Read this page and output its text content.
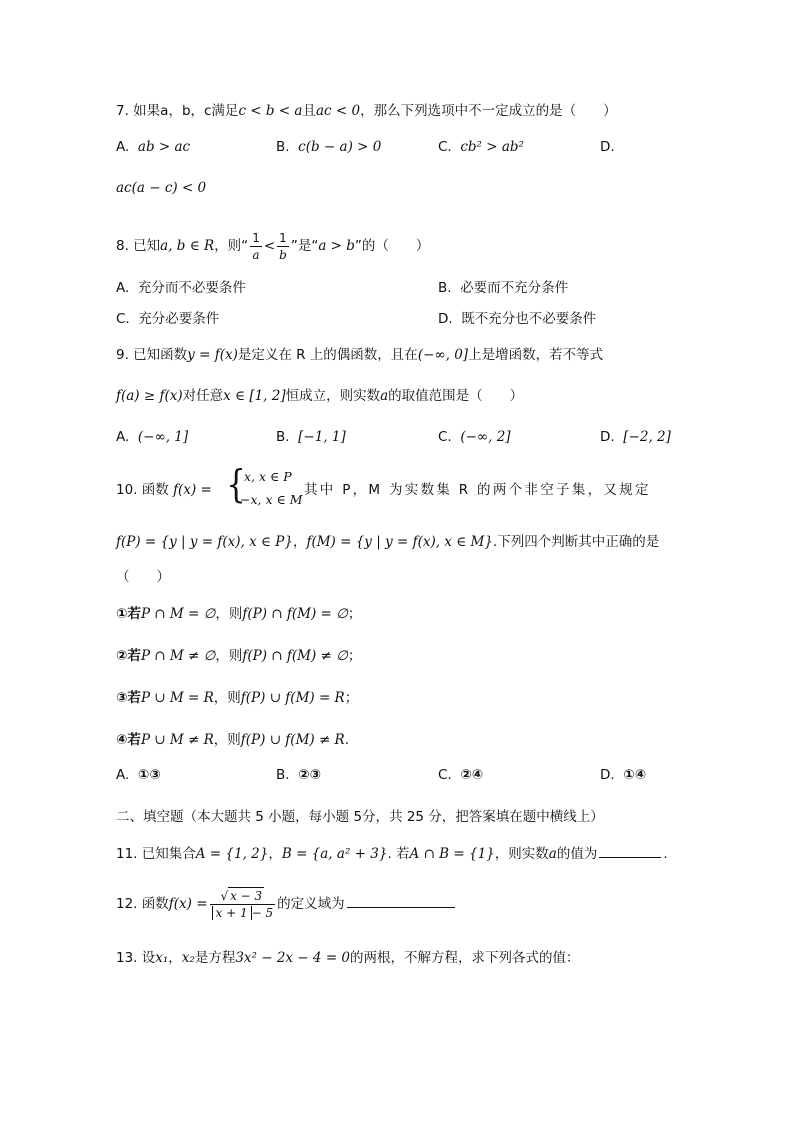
7. 如果a，b，c满足c < b < a且ac < 0，那么下列选项中不一定成立的是（　　）
A. ab > ac	B. c(b − a) > 0	C. cb² > ab²	D.
ac(a − c) < 0
8. 已知a, b ∈ R，则“ $\frac{1}{a} < \frac{1}{b}$ ”是“a > b”的（　　）
A. 充分而不必要条件	B. 必要而不充分条件
C. 充分必要条件	D. 既不充分也不必要条件
9. 已知函数y = f(x)是定义在 R 上的偶函数，且在(−∞, 0]上是增函数，若不等式
f(a) ≥ f(x)对任意x ∈ [1, 2]恒成立，则实数a的取值范围是（　　）
A. (−∞, 1]	B. [−1, 1]	C. (−∞, 2]	D. [−2, 2]
10. 函数 f(x) = {
x, x ∈ P
−x, x ∈ M
其中 P，M 为实数集 R 的两个非空子集，又规定
f(P) = {y | y = f(x), x ∈ P}，f(M) = {y | y = f(x), x ∈ M}.下列四个判断其中正确的是
（　　）
①若P ∩ M = ∅，则f(P) ∩ f(M) = ∅；
②若P ∩ M ≠ ∅，则f(P) ∩ f(M) ≠ ∅；
③若P ∪ M = R，则f(P) ∪ f(M) = R；
④若P ∪ M ≠ R，则f(P) ∪ f(M) ≠ R.
A. ①③	B. ②③	C. ②④	D. ①④
二、填空题（本大题共 5 小题，每小题 5分，共 25 分，把答案填在题中横线上）
11. 已知集合A = {1, 2}，B = {a, a² + 3}. 若A ∩ B = {1}，则实数a的值为	.
12. 函数$f(x) = \frac{√ x - 3}{x + 1 - 5}$ 的定义域为
13. 设x₁，x₂是方程3x² − 2x − 4 = 0的两根，不解方程，求下列各式的值：
